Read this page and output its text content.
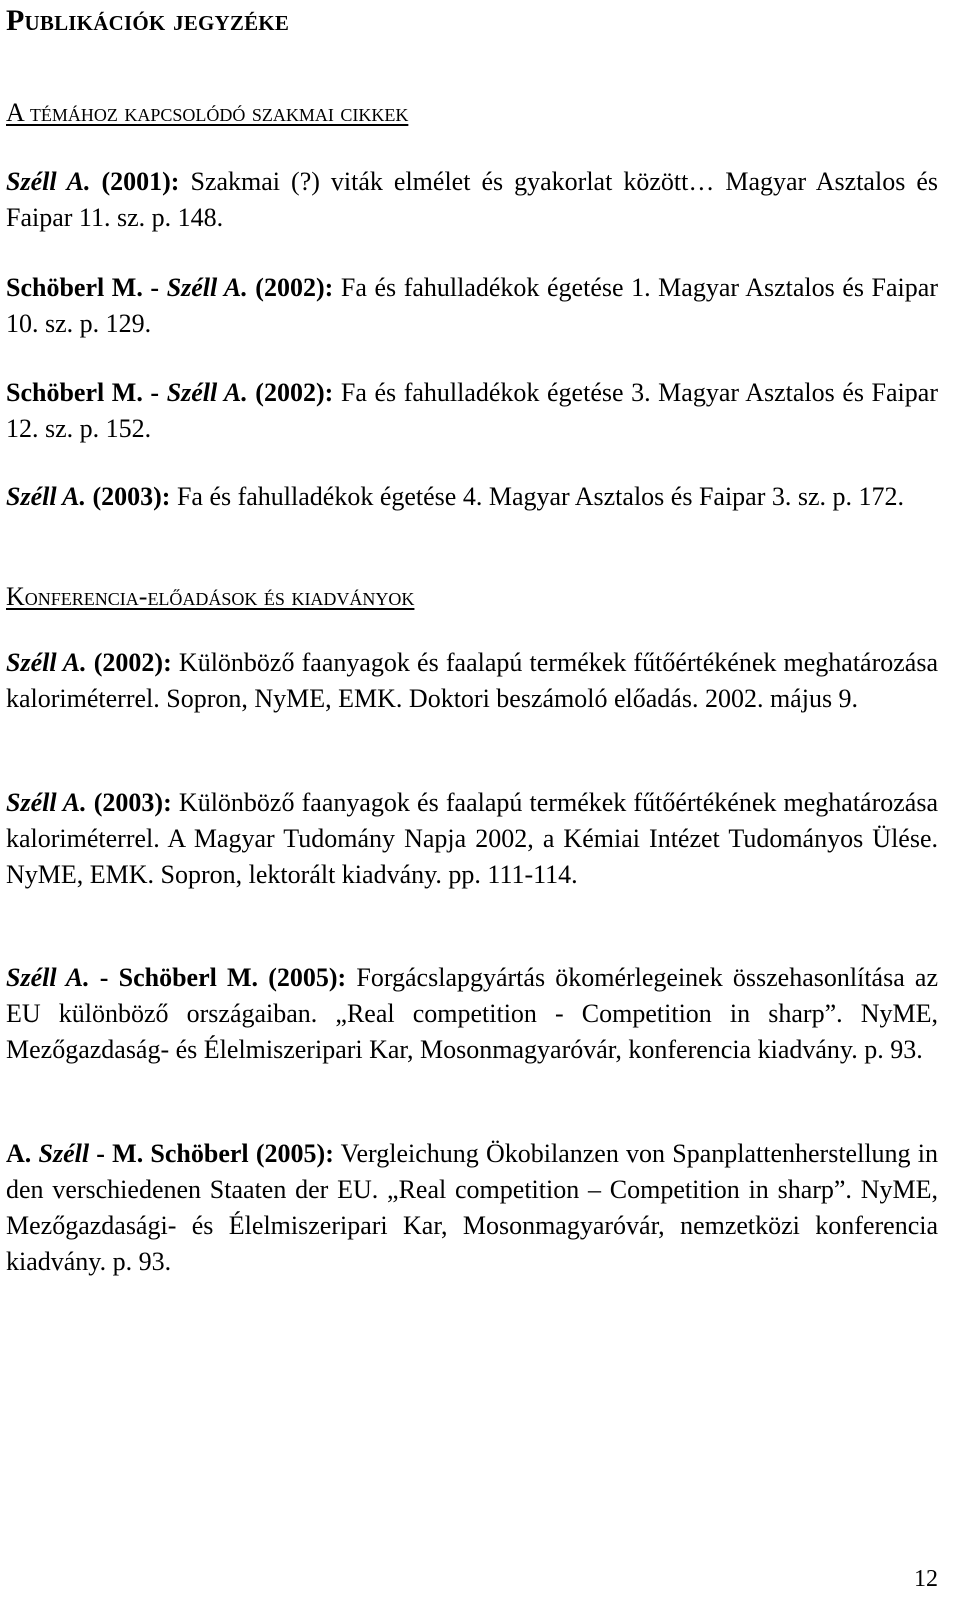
Publikációk jegyzéke
A témához kapcsolódó szakmai cikkek

Széll A. (2001): Szakmai (?) viták elmélet és gyakorlat között… Magyar Asztalos és Faipar 11. sz. p. 148.

Schöberl M. - Széll A. (2002): Fa és fahulladékok égetése 1. Magyar Asztalos és Faipar 10. sz. p. 129.

Schöberl M. - Széll A. (2002): Fa és fahulladékok égetése 3. Magyar Asztalos és Faipar 12. sz. p. 152.

Széll A. (2003): Fa és fahulladékok égetése 4. Magyar Asztalos és Faipar 3. sz. p. 172.

Konferencia-előadások és kiadványok

Széll A. (2002): Különböző faanyagok és faalapú termékek fűtőértékének meghatározása kaloriméterrel. Sopron, NyME, EMK. Doktori beszámoló előadás. 2002. május 9.

Széll A. (2003): Különböző faanyagok és faalapú termékek fűtőértékének meghatározása kaloriméterrel. A Magyar Tudomány Napja 2002, a Kémiai Intézet Tudományos Ülése. NyME, EMK. Sopron, lektorált kiadvány. pp. 111-114.

Széll A. - Schöberl M. (2005): Forgácslapgyártás ökomérlegeinek összehasonlítása az EU különböző országaiban. „Real competition - Competition in sharp”. NyME, Mezőgazdaság- és Élelmiszeripari Kar, Mosonmagyaróvár, konferencia kiadvány. p. 93.

A. Széll - M. Schöberl (2005): Vergleichung Ökobilanzen von Spanplattenherstellung in den verschiedenen Staaten der EU. „Real competition – Competition in sharp”. NyME, Mezőgazdasági- és Élelmiszeripari Kar, Mosonmagyaróvár, nemzetközi konferencia kiadvány. p. 93.

12
